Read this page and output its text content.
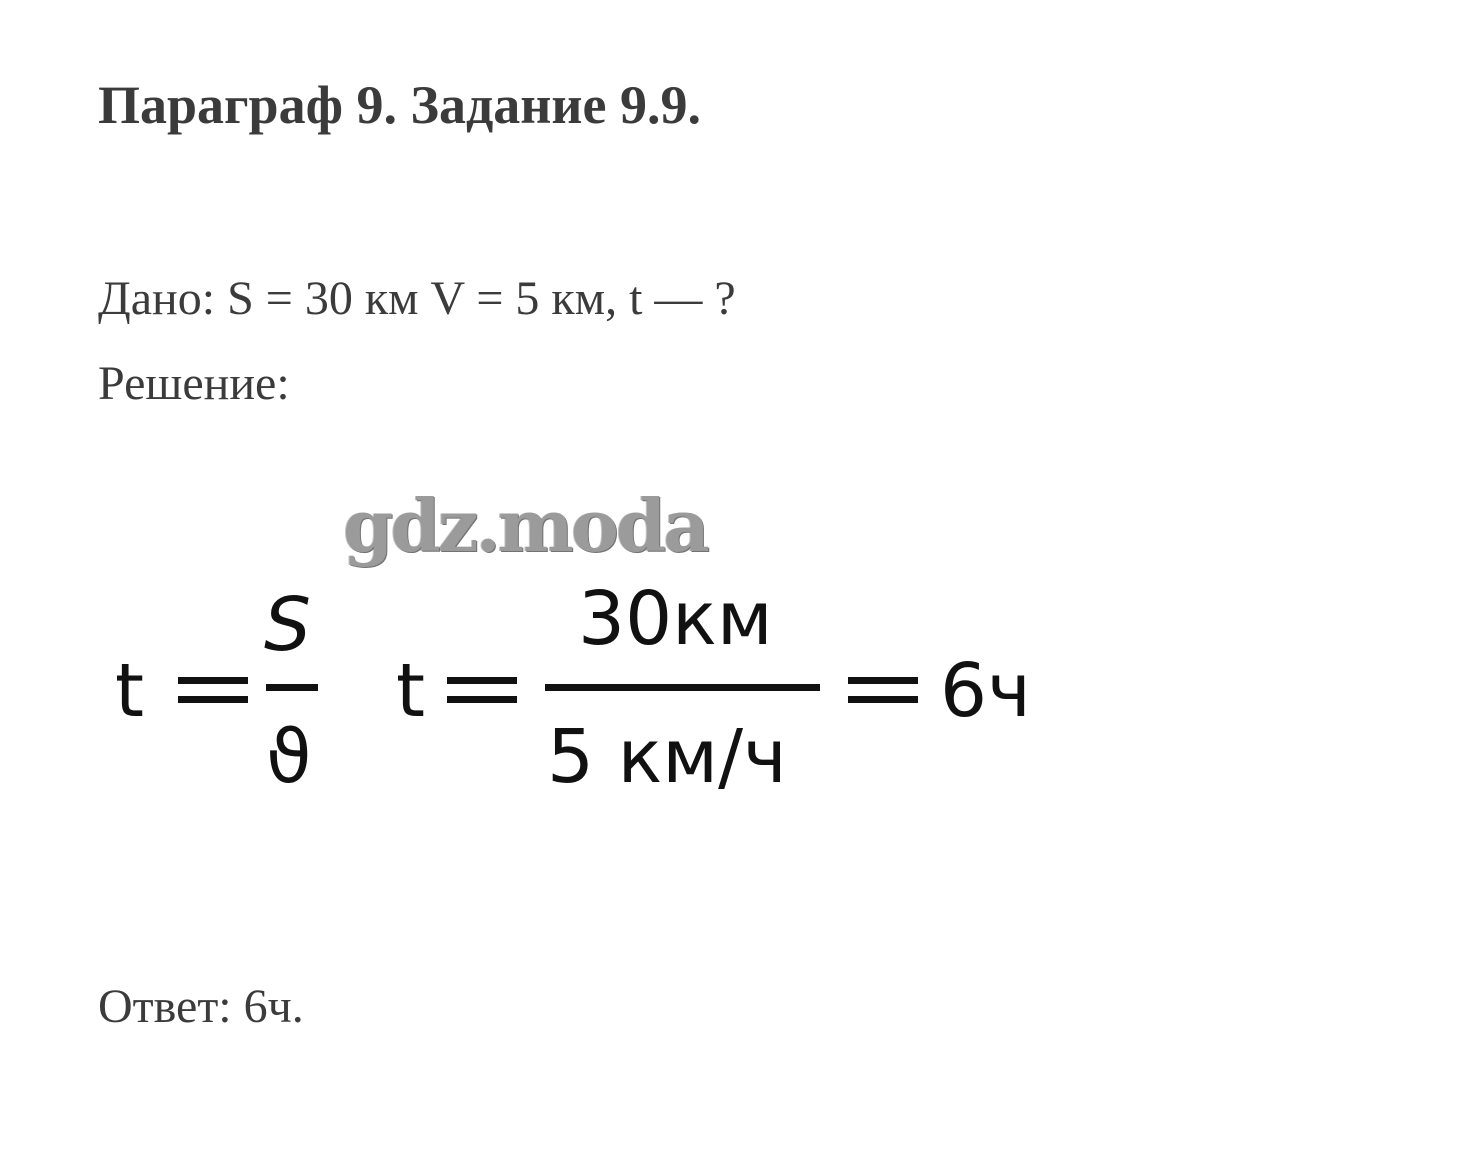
Параграф 9. Задание 9.9.
Дано: S = 30 км V = 5 км, t — ?
Решение:
gdz.moda
t
S
ϑ
t
30км
5 км/ч
6ч
Ответ: 6ч.
